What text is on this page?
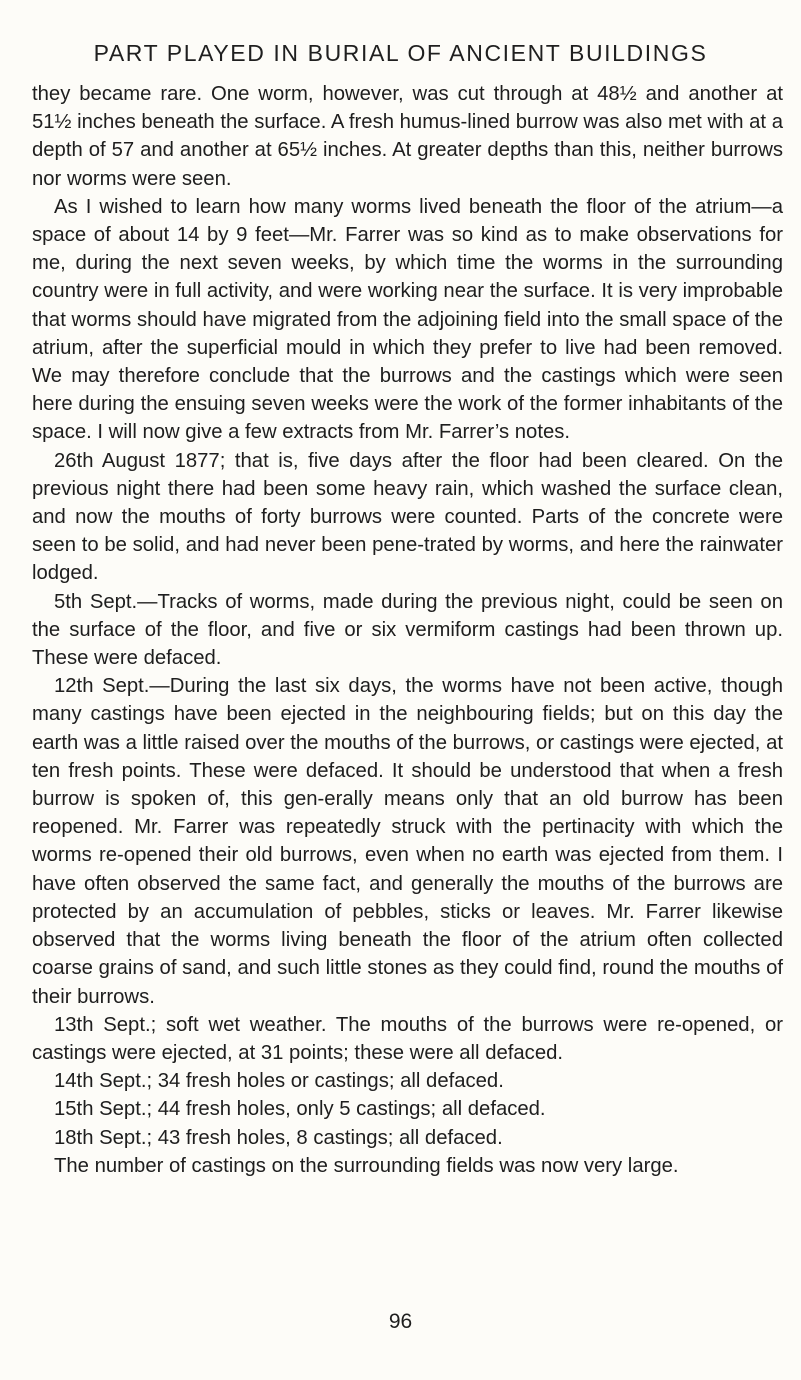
PART PLAYED IN BURIAL OF ANCIENT BUILDINGS

they became rare. One worm, however, was cut through at 48½ and another at 51½ inches beneath the surface. A fresh humus-lined burrow was also met with at a depth of 57 and another at 65½ inches. At greater depths than this, neither burrows nor worms were seen.

As I wished to learn how many worms lived beneath the floor of the atrium—a space of about 14 by 9 feet—Mr. Farrer was so kind as to make observations for me, during the next seven weeks, by which time the worms in the surrounding country were in full activity, and were working near the surface. It is very improbable that worms should have migrated from the adjoining field into the small space of the atrium, after the superficial mould in which they prefer to live had been removed. We may therefore conclude that the burrows and the castings which were seen here during the ensuing seven weeks were the work of the former inhabitants of the space. I will now give a few extracts from Mr. Farrer’s notes.

26th August 1877; that is, five days after the floor had been cleared. On the previous night there had been some heavy rain, which washed the surface clean, and now the mouths of forty burrows were counted. Parts of the concrete were seen to be solid, and had never been pene-trated by worms, and here the rainwater lodged.

5th Sept.—Tracks of worms, made during the previous night, could be seen on the surface of the floor, and five or six vermiform castings had been thrown up. These were defaced.

12th Sept.—During the last six days, the worms have not been active, though many castings have been ejected in the neighbouring fields; but on this day the earth was a little raised over the mouths of the burrows, or castings were ejected, at ten fresh points. These were defaced. It should be understood that when a fresh burrow is spoken of, this gen-erally means only that an old burrow has been reopened. Mr. Farrer was repeatedly struck with the pertinacity with which the worms re-opened their old burrows, even when no earth was ejected from them. I have often observed the same fact, and generally the mouths of the burrows are protected by an accumulation of pebbles, sticks or leaves. Mr. Farrer likewise observed that the worms living beneath the floor of the atrium often collected coarse grains of sand, and such little stones as they could find, round the mouths of their burrows.

13th Sept.; soft wet weather. The mouths of the burrows were re-opened, or castings were ejected, at 31 points; these were all defaced.

14th Sept.; 34 fresh holes or castings; all defaced.

15th Sept.; 44 fresh holes, only 5 castings; all defaced.

18th Sept.; 43 fresh holes, 8 castings; all defaced.

The number of castings on the surrounding fields was now very large.

96
